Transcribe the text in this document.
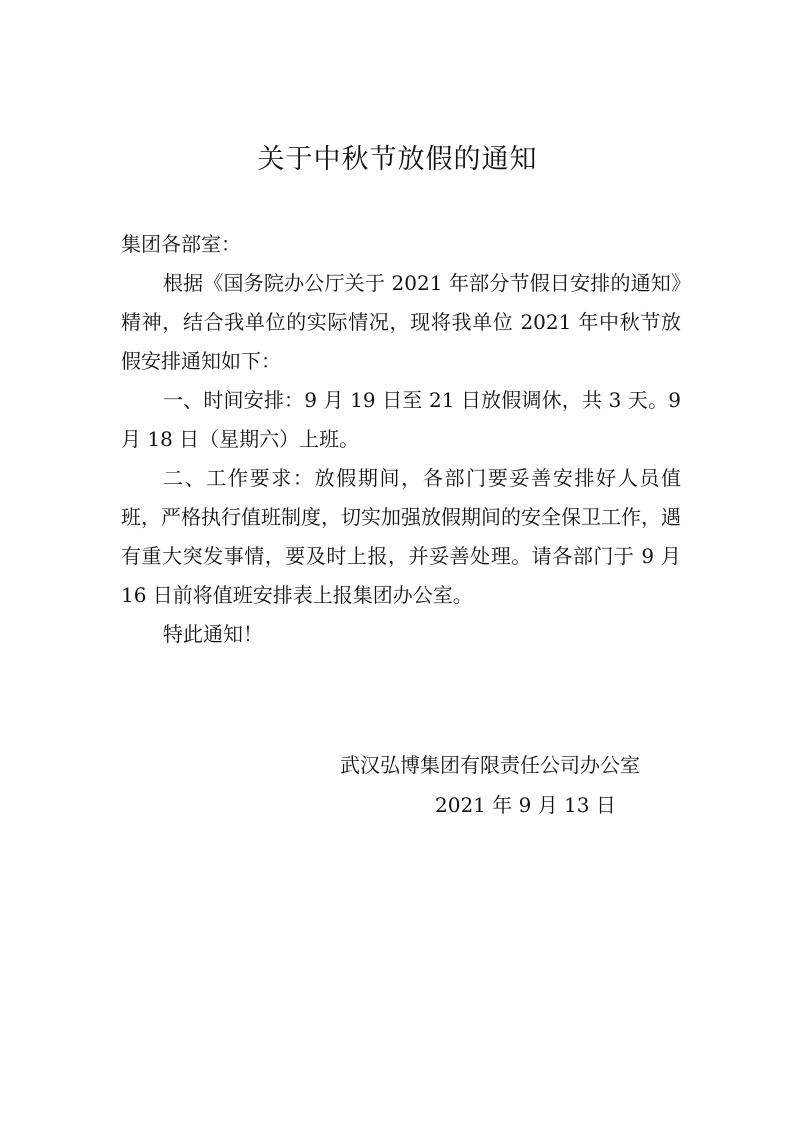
关于中秋节放假的通知

集团各部室：

根据《国务院办公厅关于 2021 年部分节假日安排的通知》精神，结合我单位的实际情况，现将我单位 2021 年中秋节放假安排通知如下：

一、时间安排：9 月 19 日至 21 日放假调休，共 3 天。9 月 18 日（星期六）上班。

二、工作要求：放假期间，各部门要妥善安排好人员值班，严格执行值班制度，切实加强放假期间的安全保卫工作，遇有重大突发事情，要及时上报，并妥善处理。请各部门于 9 月 16 日前将值班安排表上报集团办公室。

特此通知！

武汉弘博集团有限责任公司办公室
2021 年 9 月 13 日
